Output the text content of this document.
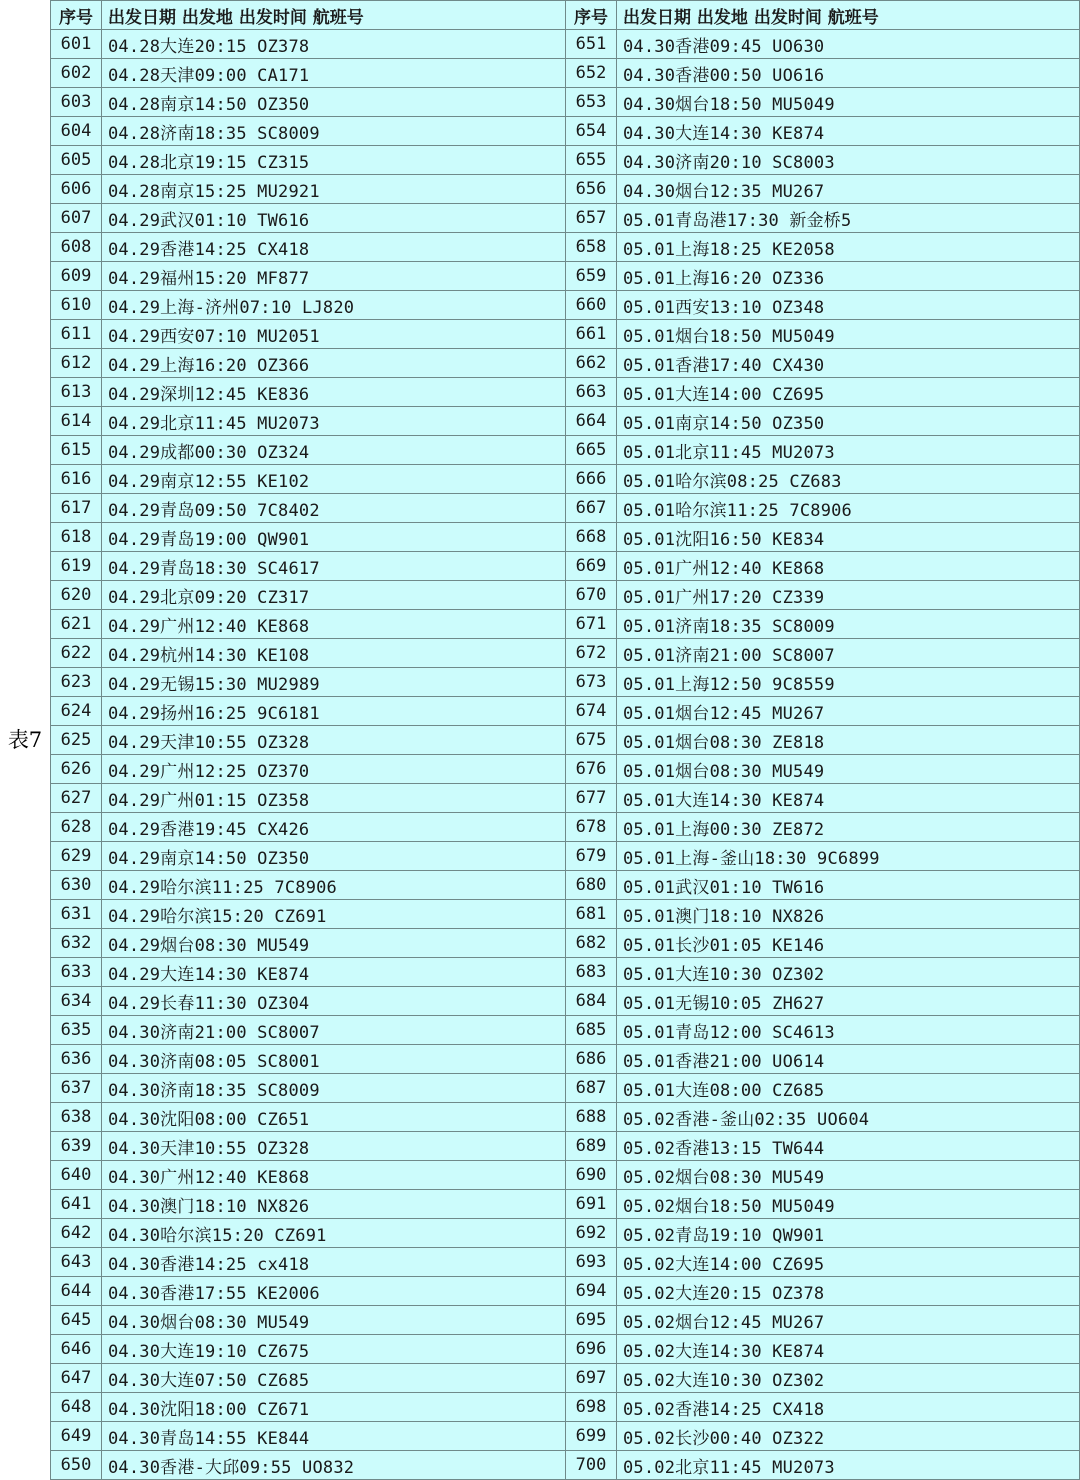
表7
序号	出发日期 出发地 出发时间 航班号
601	04.28大连20:15 OZ378
602	04.28天津09:00 CA171
603	04.28南京14:50 OZ350
604	04.28济南18:35 SC8009
605	04.28北京19:15 CZ315
606	04.28南京15:25 MU2921
607	04.29武汉01:10 TW616
608	04.29香港14:25 CX418
609	04.29福州15:20 MF877
610	04.29上海-济州07:10 LJ820
611	04.29西安07:10 MU2051
612	04.29上海16:20 OZ366
613	04.29深圳12:45 KE836
614	04.29北京11:45 MU2073
615	04.29成都00:30 OZ324
616	04.29南京12:55 KE102
617	04.29青岛09:50 7C8402
618	04.29青岛19:00 QW901
619	04.29青岛18:30 SC4617
620	04.29北京09:20 CZ317
621	04.29广州12:40 KE868
622	04.29杭州14:30 KE108
623	04.29无锡15:30 MU2989
624	04.29扬州16:25 9C6181
625	04.29天津10:55 OZ328
626	04.29广州12:25 OZ370
627	04.29广州01:15 OZ358
628	04.29香港19:45 CX426
629	04.29南京14:50 OZ350
630	04.29哈尔滨11:25 7C8906
631	04.29哈尔滨15:20 CZ691
632	04.29烟台08:30 MU549
633	04.29大连14:30 KE874
634	04.29长春11:30 OZ304
635	04.30济南21:00 SC8007
636	04.30济南08:05 SC8001
637	04.30济南18:35 SC8009
638	04.30沈阳08:00 CZ651
639	04.30天津10:55 OZ328
640	04.30广州12:40 KE868
641	04.30澳门18:10 NX826
642	04.30哈尔滨15:20 CZ691
643	04.30香港14:25 cx418
644	04.30香港17:55 KE2006
645	04.30烟台08:30 MU549
646	04.30大连19:10 CZ675
647	04.30大连07:50 CZ685
648	04.30沈阳18:00 CZ671
649	04.30青岛14:55 KE844
650	04.30香港-大邱09:55 UO832
序号	出发日期 出发地 出发时间 航班号
651	04.30香港09:45 UO630
652	04.30香港00:50 UO616
653	04.30烟台18:50 MU5049
654	04.30大连14:30 KE874
655	04.30济南20:10 SC8003
656	04.30烟台12:35 MU267
657	05.01青岛港17:30 新金桥5
658	05.01上海18:25 KE2058
659	05.01上海16:20 OZ336
660	05.01西安13:10 OZ348
661	05.01烟台18:50 MU5049
662	05.01香港17:40 CX430
663	05.01大连14:00 CZ695
664	05.01南京14:50 OZ350
665	05.01北京11:45 MU2073
666	05.01哈尔滨08:25 CZ683
667	05.01哈尔滨11:25 7C8906
668	05.01沈阳16:50 KE834
669	05.01广州12:40 KE868
670	05.01广州17:20 CZ339
671	05.01济南18:35 SC8009
672	05.01济南21:00 SC8007
673	05.01上海12:50 9C8559
674	05.01烟台12:45 MU267
675	05.01烟台08:30 ZE818
676	05.01烟台08:30 MU549
677	05.01大连14:30 KE874
678	05.01上海00:30 ZE872
679	05.01上海-釜山18:30 9C6899
680	05.01武汉01:10 TW616
681	05.01澳门18:10 NX826
682	05.01长沙01:05 KE146
683	05.01大连10:30 OZ302
684	05.01无锡10:05 ZH627
685	05.01青岛12:00 SC4613
686	05.01香港21:00 UO614
687	05.01大连08:00 CZ685
688	05.02香港-釜山02:35 UO604
689	05.02香港13:15 TW644
690	05.02烟台08:30 MU549
691	05.02烟台18:50 MU5049
692	05.02青岛19:10 QW901
693	05.02大连14:00 CZ695
694	05.02大连20:15 OZ378
695	05.02烟台12:45 MU267
696	05.02大连14:30 KE874
697	05.02大连10:30 OZ302
698	05.02香港14:25 CX418
699	05.02长沙00:40 OZ322
700	05.02北京11:45 MU2073
